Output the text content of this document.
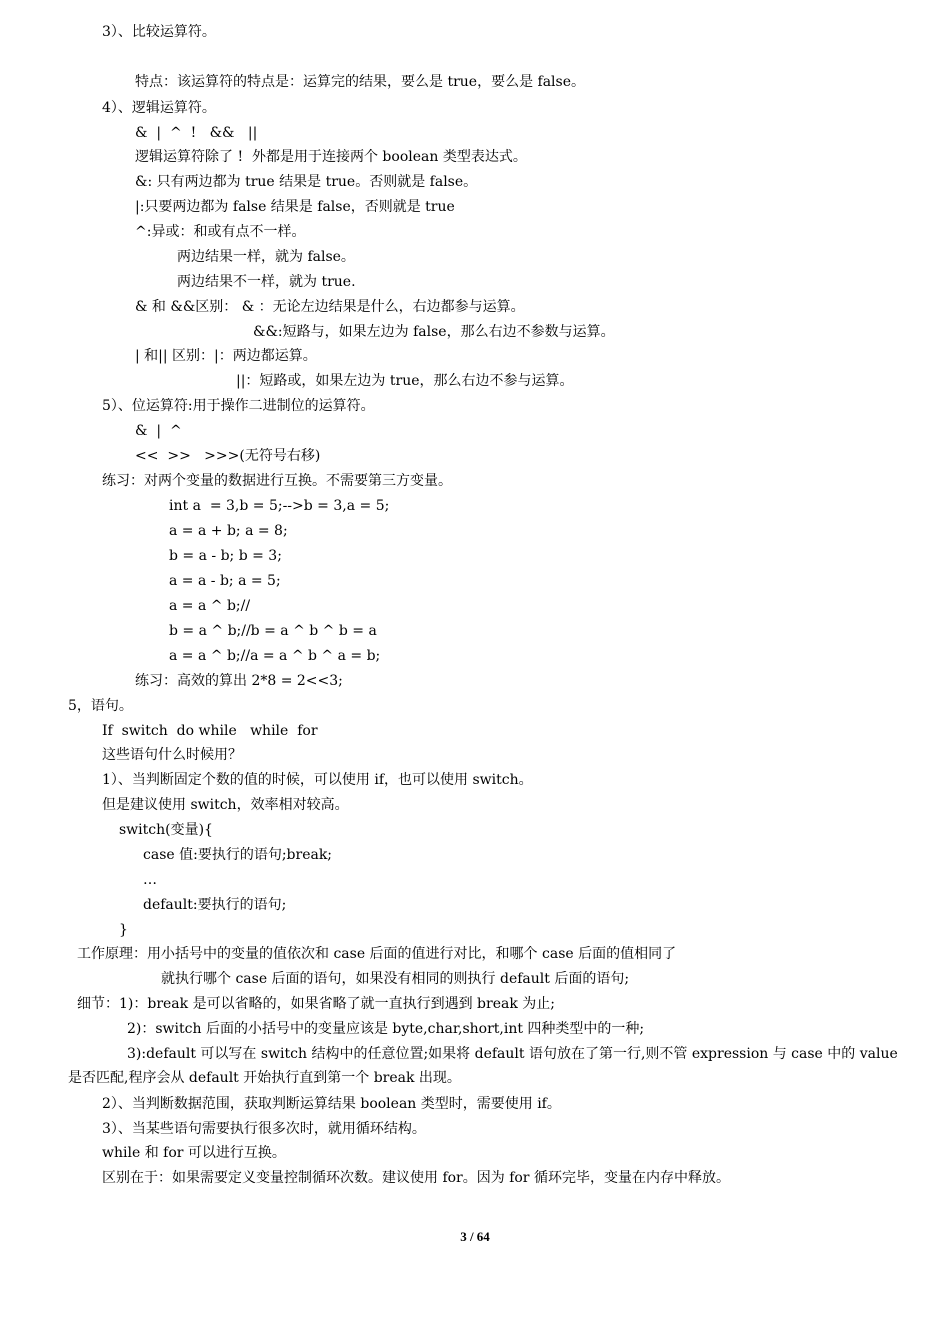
3）、比较运算符。
特点：该运算符的特点是：运算完的结果，要么是 true，要么是 false。
4）、逻辑运算符。
&  |  ^  !   &&   ||
逻辑运算符除了 !  外都是用于连接两个 boolean 类型表达式。
&: 只有两边都为 true 结果是 true。否则就是 false。
|:只要两边都为 false 结果是 false，否则就是 true
^:异或：和或有点不一样。
两边结果一样，就为 false。
两边结果不一样，就为 true.
& 和 &&区别： & ：无论左边结果是什么，右边都参与运算。
&&:短路与，如果左边为 false，那么右边不参数与运算。
| 和|| 区别：|：两边都运算。
||：短路或，如果左边为 true，那么右边不参与运算。
5）、位运算符:用于操作二进制位的运算符。
&  |  ^
<<  >>   >>>(无符号右移)
练习：对两个变量的数据进行互换。不需要第三方变量。
int a  = 3,b = 5;-->b = 3,a = 5;
a = a + b; a = 8;
b = a - b; b = 3;
a = a - b; a = 5;
a = a ^ b;//
b = a ^ b;//b = a ^ b ^ b = a
a = a ^ b;//a = a ^ b ^ a = b;
练习：高效的算出 2*8 = 2<<3;
5，语句。
If  switch  do while   while  for
这些语句什么时候用？
1）、当判断固定个数的值的时候，可以使用 if，也可以使用 switch。
但是建议使用 switch，效率相对较高。
switch(变量){
case 值:要执行的语句;break;
…
default:要执行的语句;
}
工作原理：用小括号中的变量的值依次和 case 后面的值进行对比，和哪个 case 后面的值相同了
就执行哪个 case 后面的语句，如果没有相同的则执行 default 后面的语句;
细节：1)：break 是可以省略的，如果省略了就一直执行到遇到 break 为止;
2)：switch 后面的小括号中的变量应该是 byte,char,short,int 四种类型中的一种;
3):default 可以写在 switch 结构中的任意位置;如果将 default 语句放在了第一行,则不管 expression 与 case 中的 value 是否匹配,程序会从 default 开始执行直到第一个 break 出现。
2）、当判断数据范围，获取判断运算结果 boolean 类型时，需要使用 if。
3）、当某些语句需要执行很多次时，就用循环结构。
while 和 for 可以进行互换。
区别在于：如果需要定义变量控制循环次数。建议使用 for。因为 for 循环完毕，变量在内存中释放。
3 / 64
